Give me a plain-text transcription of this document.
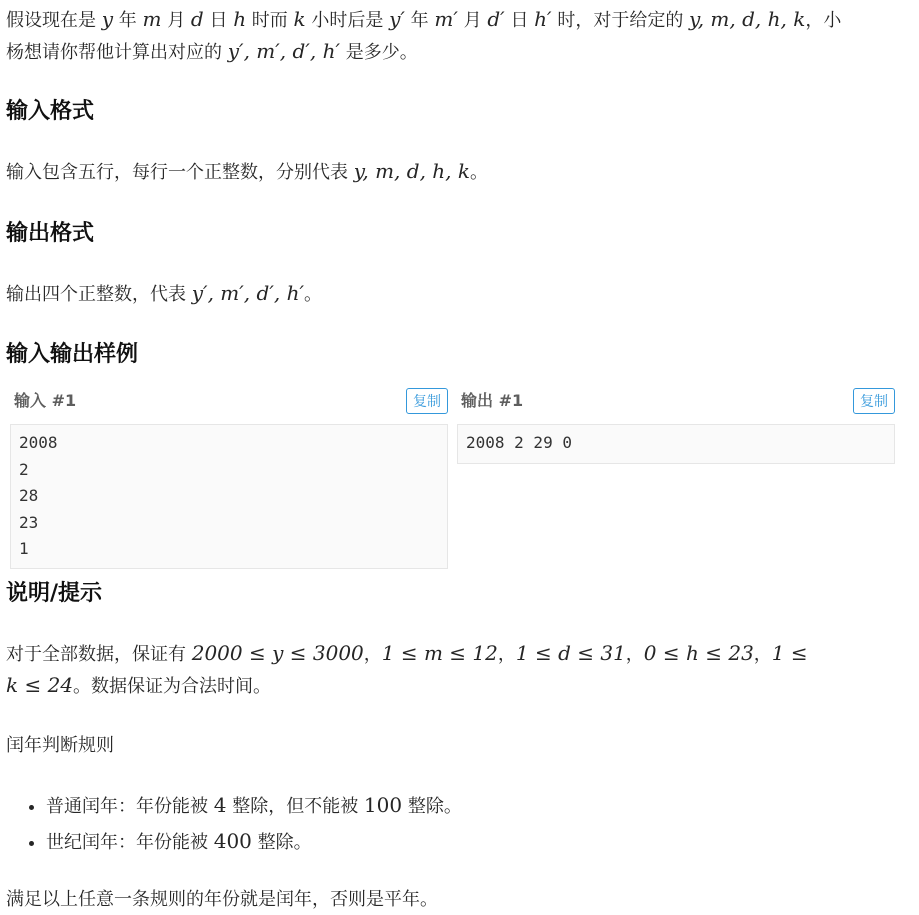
假设现在是 y 年 m 月 d 日 h 时而 k 小时后是 y′ 年 m′ 月 d′ 日 h′ 时，对于给定的 y, m, d, h, k，小
杨想请你帮他计算出对应的 y′, m′, d′, h′ 是多少。

输入格式

输入包含五行，每行一个正整数，分别代表 y, m, d, h, k。

输出格式

输出四个正整数，代表 y′, m′, d′, h′。

输入输出样例
输入 #1	复制
2008
2
28
23
1
输出 #1	复制
2008 2 29 0
说明/提示

对于全部数据，保证有 2000 ≤ y ≤ 3000，1 ≤ m ≤ 12，1 ≤ d ≤ 31，0 ≤ h ≤ 23，1 ≤
k ≤ 24。数据保证为合法时间。

闰年判断规则

• 普通闰年：年份能被 4 整除，但不能被 100 整除。
• 世纪闰年：年份能被 400 整除。

满足以上任意一条规则的年份就是闰年，否则是平年。
